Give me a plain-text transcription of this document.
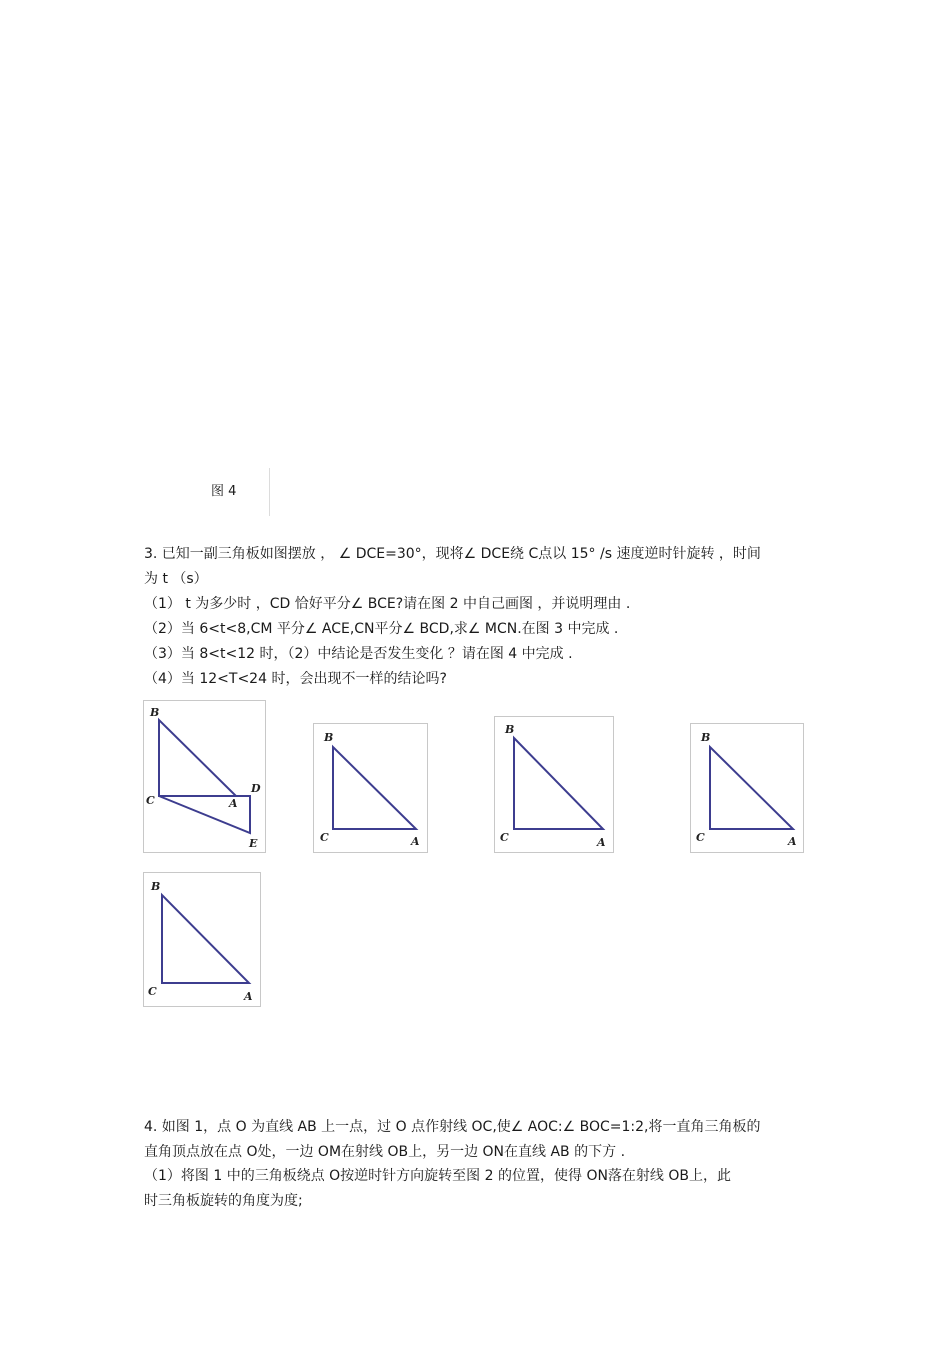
图 4
3. 已知一副三角板如图摆放 ， ∠ DCE=30°，现将∠ DCE绕 C点以 15° /s 速度逆时针旋转 ，时间
为 t （s）
（1） t 为多少时 ，CD 恰好平分∠ BCE?请在图 2 中自己画图 ，并说明理由 .
（2）当 6<t<8,CM 平分∠ ACE,CN平分∠ BCD,求∠ MCN.在图 3 中完成 .
（3）当 8<t<12 时，（2）中结论是否发生变化 ？请在图 4 中完成 .
（4）当 12<T<24 时，会出现不一样的结论吗?
B
C	A
D
E
B
C	A
B
C	A
B
C	A
B
C	A
4. 如图 1，点 O 为直线 AB 上一点，过 O 点作射线 OC,使∠ AOC:∠ BOC=1:2,将一直角三角板的
直角顶点放在点 O处，一边 OM在射线 OB上，另一边 ON在直线 AB 的下方 .
（1）将图 1 中的三角板绕点 O按逆时针方向旋转至图 2 的位置，使得 ON落在射线 OB上，此
时三角板旋转的角度为度;
